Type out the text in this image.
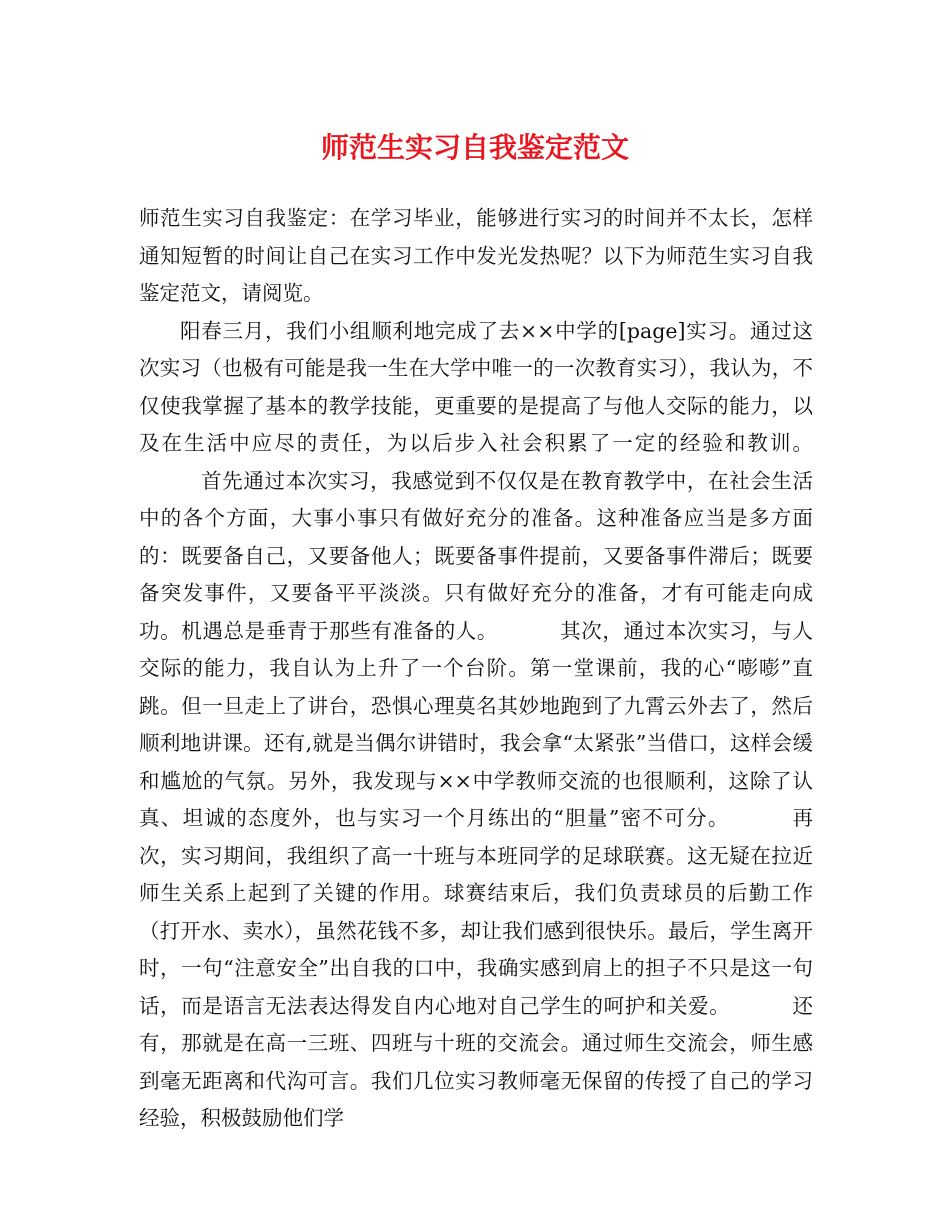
师范生实习自我鉴定范文

师范生实习自我鉴定：在学习毕业，能够进行实习的时间并不太长，怎样通知短暂的时间让自己在实习工作中发光发热呢？以下为师范生实习自我鉴定范文，请阅览。

阳春三月，我们小组顺利地完成了去××中学的[page]实习。通过这次实习（也极有可能是我一生在大学中唯一的一次教育实习），我认为，不仅使我掌握了基本的教学技能，更重要的是提高了与他人交际的能力，以及在生活中应尽的责任，为以后步入社会积累了一定的经验和教训。首先通过本次实习，我感觉到不仅仅是在教育教学中，在社会生活中的各个方面，大事小事只有做好充分的准备。这种准备应当是多方面的：既要备自己，又要备他人；既要备事件提前，又要备事件滞后；既要备突发事件，又要备平平淡淡。只有做好充分的准备，才有可能走向成功。机遇总是垂青于那些有准备的人。	其次，通过本次实习，与人交际的能力，我自认为上升了一个台阶。第一堂课前，我的心“嘭嘭”直跳。但一旦走上了讲台，恐惧心理莫名其妙地跑到了九霄云外去了，然后顺利地讲课。还有,就是当偶尔讲错时，我会拿“太紧张”当借口，这样会缓和尴尬的气氛。另外，我发现与××中学教师交流的也很顺利，这除了认真、坦诚的态度外，也与实习一个月练出的“胆量”密不可分。	再次，实习期间，我组织了高一十班与本班同学的足球联赛。这无疑在拉近师生关系上起到了关键的作用。球赛结束后，我们负责球员的后勤工作（打开水、卖水），虽然花钱不多，却让我们感到很快乐。最后，学生离开时，一句“注意安全”出自我的口中，我确实感到肩上的担子不只是这一句话，而是语言无法表达得发自内心地对自己学生的呵护和关爱。	还有，那就是在高一三班、四班与十班的交流会。通过师生交流会，师生感到毫无距离和代沟可言。我们几位实习教师毫无保留的传授了自己的学习经验，积极鼓励他们学
